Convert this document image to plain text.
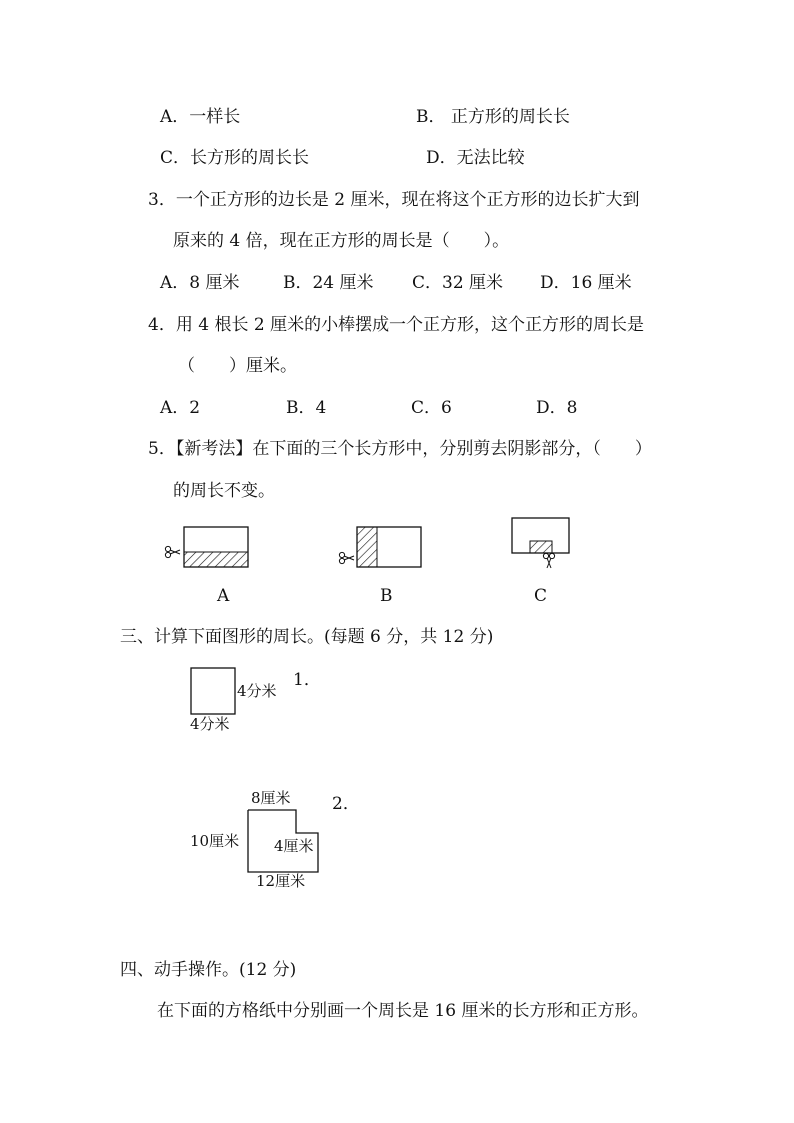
A．一样长	B． 正方形的周长长
C．长方形的周长长	D．无法比较
3．一个正方形的边长是 2 厘米，现在将这个正方形的边长扩大到
原来的 4 倍，现在正方形的周长是（　　）。
A．8 厘米	B．24 厘米 C．32 厘米 D．16 厘米
4．用 4 根长 2 厘米的小棒摆成一个正方形，这个正方形的周长是
（　　）厘米。
A．2	B．4	C．6	D．8
5．【新考法】在下面的三个长方形中，分别剪去阴影部分，（　　）
的周长不变。
A	B	C
三、计算下面图形的周长。(每题 6 分，共 12 分)
4分米
4分米
1．
8厘米
10厘米 4厘米
12厘米
2．
四、动手操作。(12 分)
在下面的方格纸中分别画一个周长是 16 厘米的长方形和正方形。
